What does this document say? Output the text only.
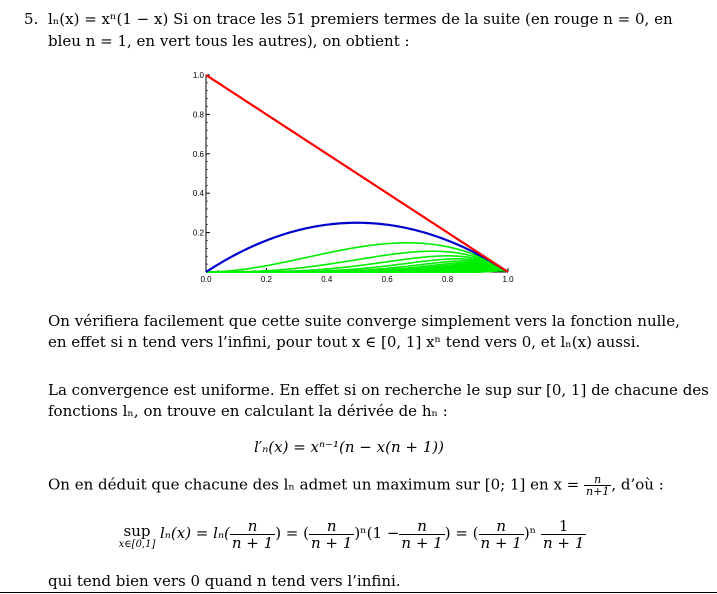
5. lₙ(x) = xⁿ(1 − x) Si on trace les 51 premiers termes de la suite (en rouge n = 0, en
bleu n = 1, en vert tous les autres), on obtient :
0.0	0.2	0.4	0.6	0.8	1.0
0.2
0.4
0.6
0.8
1.0
On vérifiera facilement que cette suite converge simplement vers la fonction nulle,
en effet si n tend vers l’infini, pour tout x ∈ [0, 1] xⁿ tend vers 0, et lₙ(x) aussi.
La convergence est uniforme. En effet si on recherche le sup sur [0, 1] de chacune des
fonctions lₙ, on trouve en calculant la dérivée de hₙ :
l′ₙ(x) = xⁿ⁻¹(n − x(n + 1))
On en déduit que chacune des lₙ admet un maximum sur [0; 1] en $x = \frac{n}{n+1}$ , d’où :
sup
x∈[0,1]
$l_n(x) = l_n( \frac{n}{n + 1}$ ) = ( $\frac{n}{n + 1} )^n(1 - \frac{n}{n + 1}$ ) = ( $\frac{n}{n + 1} )^n \frac{1}{n + 1}$
qui tend bien vers 0 quand n tend vers l’infini.
